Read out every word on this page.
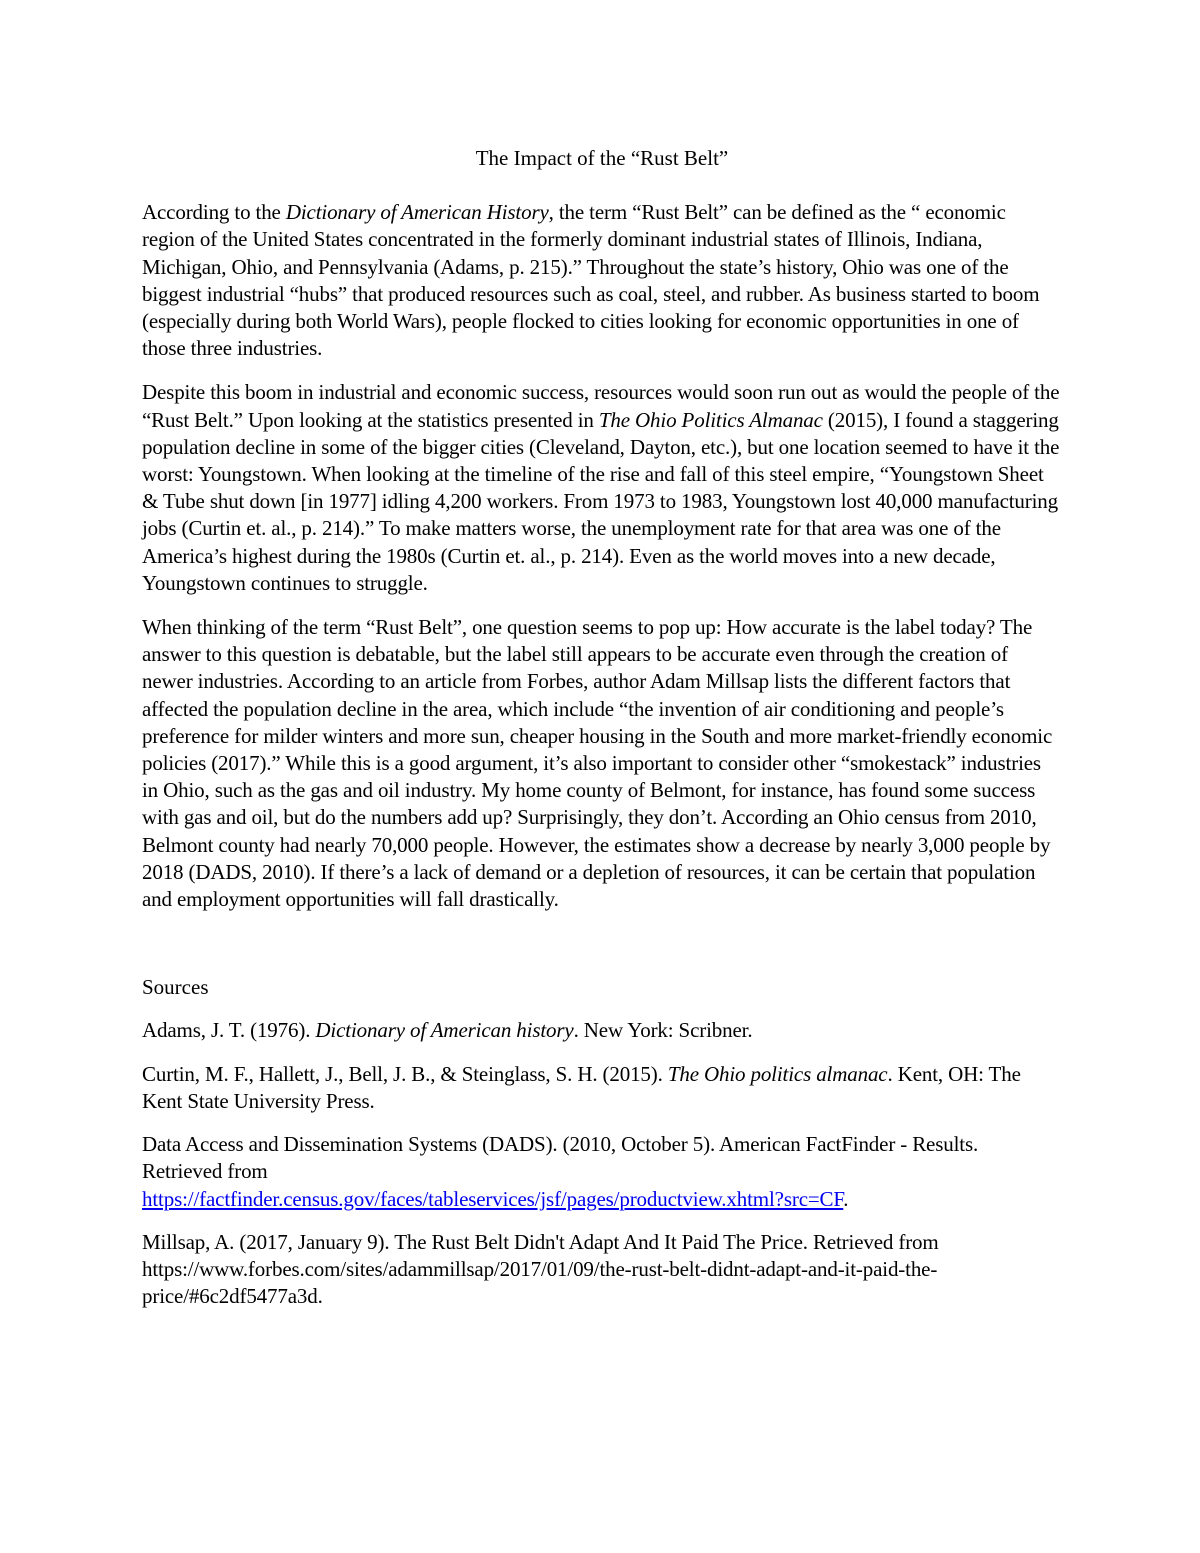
The Impact of the “Rust Belt”

According to the Dictionary of American History, the term “Rust Belt” can be defined as the “ economic region of the United States concentrated in the formerly dominant industrial states of Illinois, Indiana, Michigan, Ohio, and Pennsylvania (Adams, p. 215).” Throughout the state’s history, Ohio was one of the biggest industrial “hubs” that produced resources such as coal, steel, and rubber. As business started to boom (especially during both World Wars), people flocked to cities looking for economic opportunities in one of those three industries.

Despite this boom in industrial and economic success, resources would soon run out as would the people of the “Rust Belt.” Upon looking at the statistics presented in The Ohio Politics Almanac (2015), I found a staggering population decline in some of the bigger cities (Cleveland, Dayton, etc.), but one location seemed to have it the worst: Youngstown. When looking at the timeline of the rise and fall of this steel empire, “Youngstown Sheet & Tube shut down [in 1977] idling 4,200 workers. From 1973 to 1983, Youngstown lost 40,000 manufacturing jobs (Curtin et. al., p. 214).” To make matters worse, the unemployment rate for that area was one of the America’s highest during the 1980s (Curtin et. al., p. 214). Even as the world moves into a new decade, Youngstown continues to struggle.

When thinking of the term “Rust Belt”, one question seems to pop up: How accurate is the label today? The answer to this question is debatable, but the label still appears to be accurate even through the creation of newer industries. According to an article from Forbes, author Adam Millsap lists the different factors that affected the population decline in the area, which include “the invention of air conditioning and people’s preference for milder winters and more sun, cheaper housing in the South and more market-friendly economic policies (2017).” While this is a good argument, it’s also important to consider other “smokestack” industries in Ohio, such as the gas and oil industry. My home county of Belmont, for instance, has found some success with gas and oil, but do the numbers add up? Surprisingly, they don’t. According an Ohio census from 2010, Belmont county had nearly 70,000 people. However, the estimates show a decrease by nearly 3,000 people by 2018 (DADS, 2010). If there’s a lack of demand or a depletion of resources, it can be certain that population and employment opportunities will fall drastically.

Sources

Adams, J. T. (1976). Dictionary of American history. New York: Scribner.

Curtin, M. F., Hallett, J., Bell, J. B., & Steinglass, S. H. (2015). The Ohio politics almanac. Kent, OH: The Kent State University Press.

Data Access and Dissemination Systems (DADS). (2010, October 5). American FactFinder - Results. Retrieved from
https://factfinder.census.gov/faces/tableservices/jsf/pages/productview.xhtml?src=CF.

Millsap, A. (2017, January 9). The Rust Belt Didn't Adapt And It Paid The Price. Retrieved from https://www.forbes.com/sites/adammillsap/2017/01/09/the-rust-belt-didnt-adapt-and-it-paid-the-price/#6c2df5477a3d.
